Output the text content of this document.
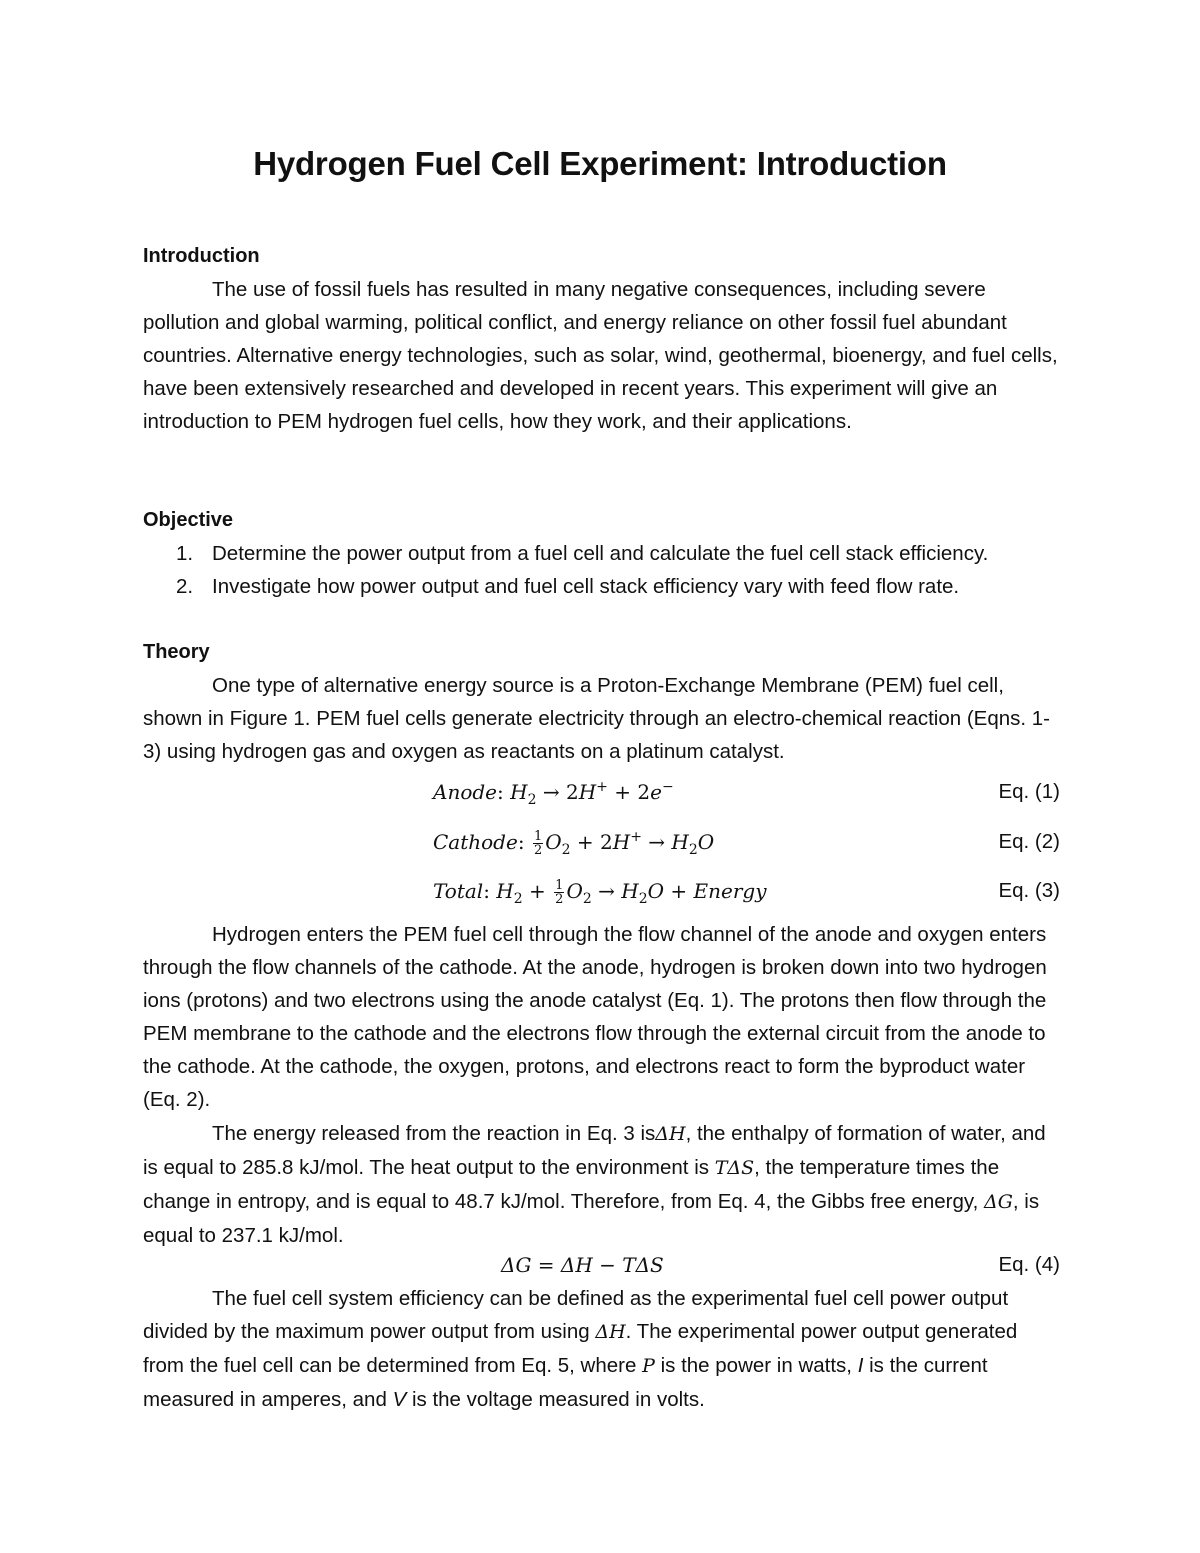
Hydrogen Fuel Cell Experiment: Introduction
Introduction

The use of fossil fuels has resulted in many negative consequences, including severe pollution and global warming, political conflict, and energy reliance on other fossil fuel abundant countries. Alternative energy technologies, such as solar, wind, geothermal, bioenergy, and fuel cells, have been extensively researched and developed in recent years. This experiment will give an introduction to PEM hydrogen fuel cells, how they work, and their applications.

Objective
1. Determine the power output from a fuel cell and calculate the fuel cell stack efficiency.
2. Investigate how power output and fuel cell stack efficiency vary with feed flow rate.
Theory

One type of alternative energy source is a Proton-Exchange Membrane (PEM) fuel cell, shown in Figure 1. PEM fuel cells generate electricity through an electro-chemical reaction (Eqns. 1-3) using hydrogen gas and oxygen as reactants on a platinum catalyst.

Anode: $H_2 \to 2H^+ + 2e^-$	Eq. (1)
Cathode: $\frac{1}{2} O_2 + 2H^+ \to H_2O$	Eq. (2)
Total: $H_2 + \frac{1}{2} O_2 \to H_2O$ + Energy	Eq. (3)

Hydrogen enters the PEM fuel cell through the flow channel of the anode and oxygen enters through the flow channels of the cathode. At the anode, hydrogen is broken down into two hydrogen ions (protons) and two electrons using the anode catalyst (Eq. 1). The protons then flow through the PEM membrane to the cathode and the electrons flow through the external circuit from the anode to the cathode. At the cathode, the oxygen, protons, and electrons react to form the byproduct water (Eq. 2).

The energy released from the reaction in Eq. 3 isΔH, the enthalpy of formation of water, and is equal to 285.8 kJ/mol. The heat output to the environment is TΔS, the temperature times the change in entropy, and is equal to 48.7 kJ/mol. Therefore, from Eq. 4, the Gibbs free energy, ΔG, is equal to 237.1 kJ/mol.

ΔG = ΔH − TΔS	Eq. (4)

The fuel cell system efficiency can be defined as the experimental fuel cell power output divided by the maximum power output from using ΔH. The experimental power output generated from the fuel cell can be determined from Eq. 5, where P is the power in watts, I is the current measured in amperes, and V is the voltage measured in volts.
